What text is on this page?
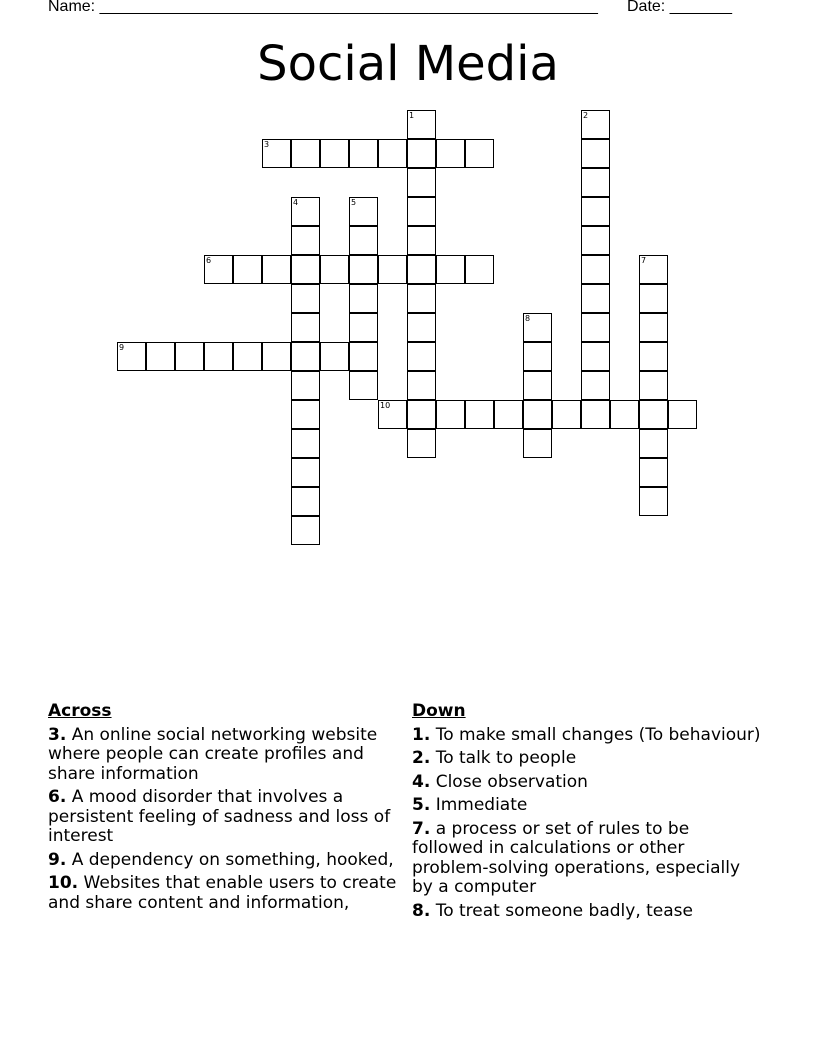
Name: ________________________________________________________ Date: _______
Social Media
1	2
3
4	5
6	7
8
9
10
Across
3. An online social networking website where people can create profiles and share information
6. A mood disorder that involves a persistent feeling of sadness and loss of interest
9. A dependency on something, hooked,
10. Websites that enable users to create and share content and information,
Down
1. To make small changes (To behaviour)
2. To talk to people
4. Close observation
5. Immediate
7. a process or set of rules to be followed in calculations or other problem-solving operations, especially by a computer
8. To treat someone badly, tease
